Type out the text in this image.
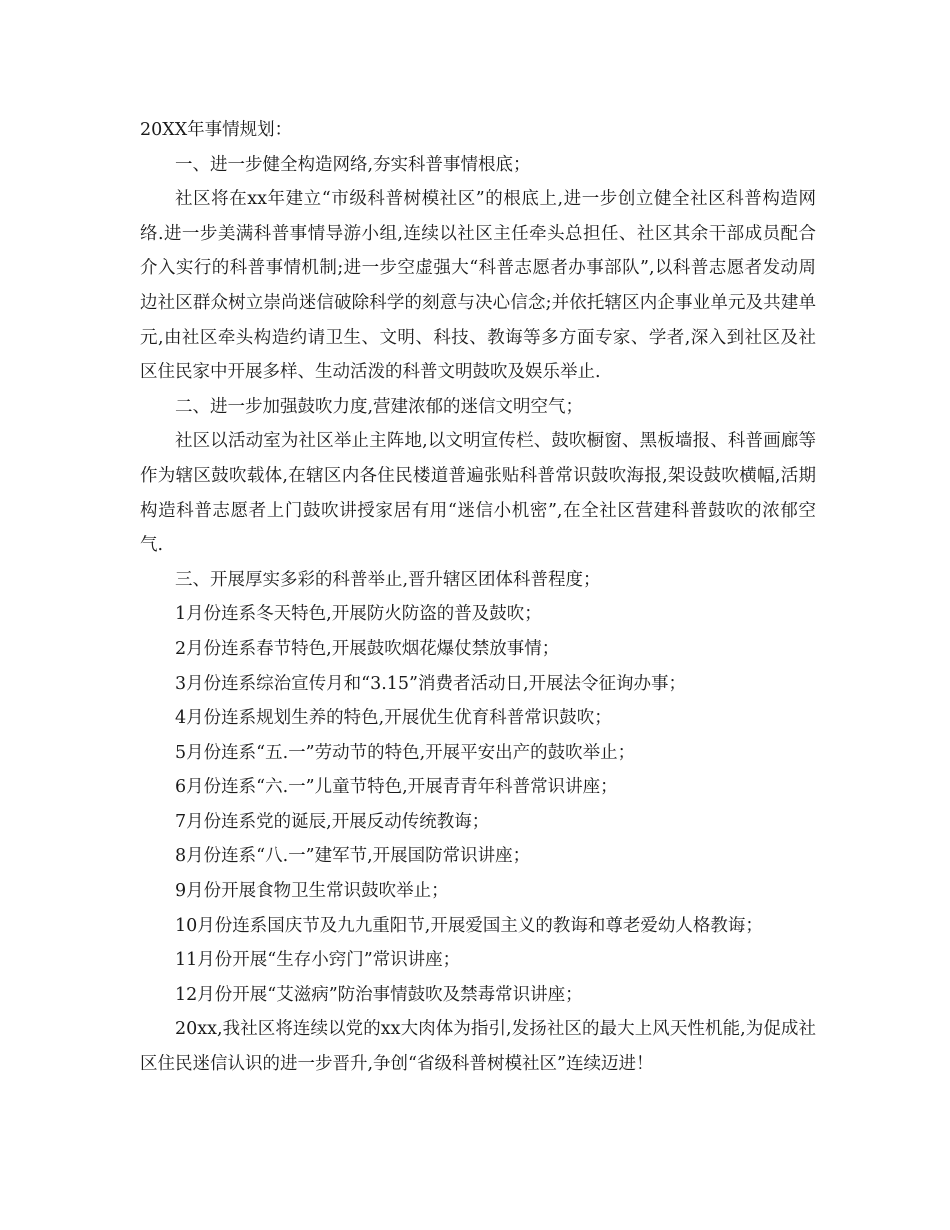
20XX年事情规划：

一、进一步健全构造网络,夯实科普事情根底；

社区将在xx年建立“市级科普树模社区”的根底上,进一步创立健全社区科普构造网络.进一步美满科普事情导游小组,连续以社区主任牵头总担任、社区其余干部成员配合介入实行的科普事情机制;进一步空虚强大“科普志愿者办事部队”,以科普志愿者发动周边社区群众树立崇尚迷信破除科学的刻意与决心信念;并依托辖区内企事业单元及共建单元,由社区牵头构造约请卫生、文明、科技、教诲等多方面专家、学者,深入到社区及社区住民家中开展多样、生动活泼的科普文明鼓吹及娱乐举止.

二、进一步加强鼓吹力度,营建浓郁的迷信文明空气；

社区以活动室为社区举止主阵地,以文明宣传栏、鼓吹橱窗、黑板墙报、科普画廊等作为辖区鼓吹载体,在辖区内各住民楼道普遍张贴科普常识鼓吹海报,架设鼓吹横幅,活期构造科普志愿者上门鼓吹讲授家居有用“迷信小机密”,在全社区营建科普鼓吹的浓郁空气.

三、开展厚实多彩的科普举止,晋升辖区团体科普程度；

1月份连系冬天特色,开展防火防盗的普及鼓吹；

2月份连系春节特色,开展鼓吹烟花爆仗禁放事情；

3月份连系综治宣传月和“3.15”消费者活动日,开展法令征询办事；

4月份连系规划生养的特色,开展优生优育科普常识鼓吹；

5月份连系“五.一”劳动节的特色,开展平安出产的鼓吹举止；

6月份连系“六.一”儿童节特色,开展青青年科普常识讲座；

7月份连系党的诞辰,开展反动传统教诲；

8月份连系“八.一”建军节,开展国防常识讲座；

9月份开展食物卫生常识鼓吹举止；

10月份连系国庆节及九九重阳节,开展爱国主义的教诲和尊老爱幼人格教诲；

11月份开展“生存小窍门”常识讲座；

12月份开展“艾滋病”防治事情鼓吹及禁毒常识讲座；

20xx,我社区将连续以党的xx大肉体为指引,发扬社区的最大上风天性机能,为促成社区住民迷信认识的进一步晋升,争创“省级科普树模社区”连续迈进！
